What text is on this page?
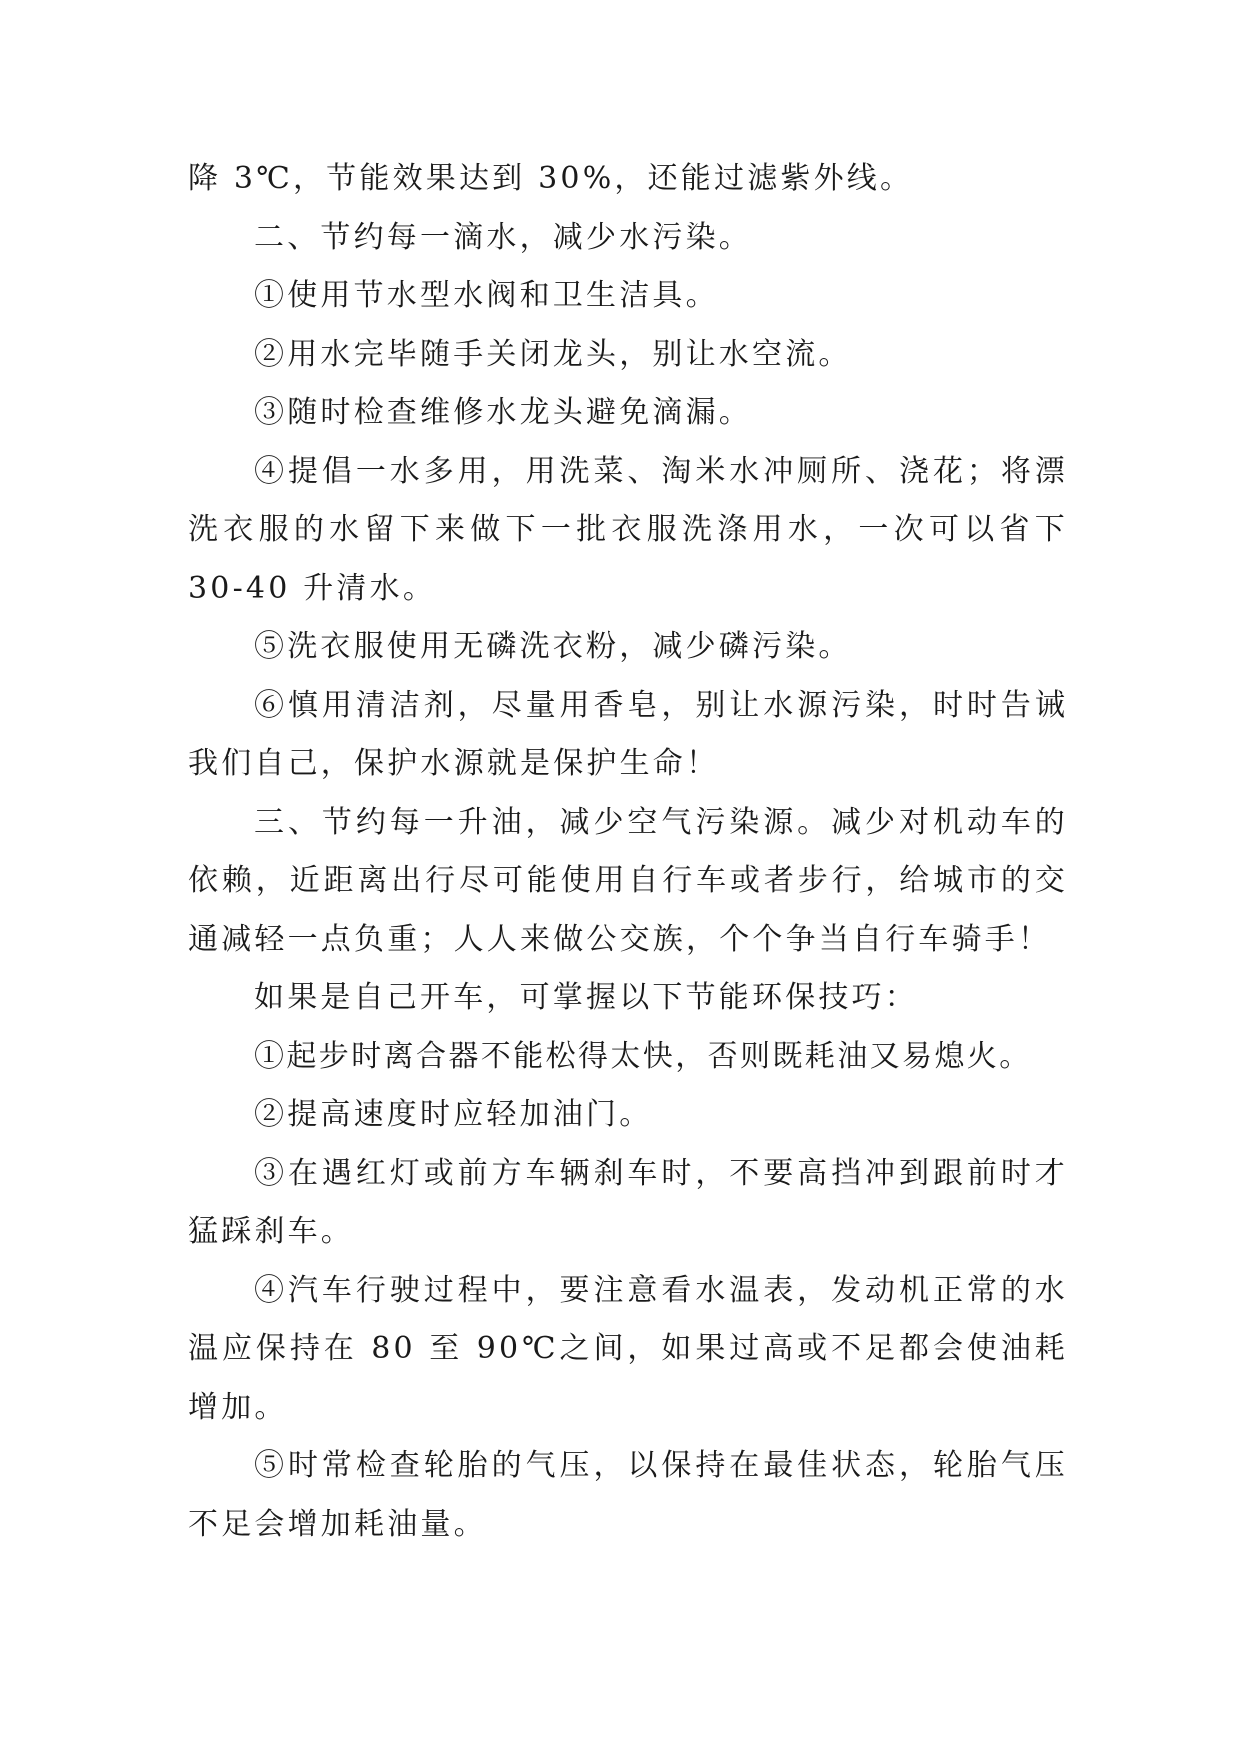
降 3℃，节能效果达到 30%，还能过滤紫外线。

二、节约每一滴水，减少水污染。

①使用节水型水阀和卫生洁具。

②用水完毕随手关闭龙头，别让水空流。

③随时检查维修水龙头避免滴漏。

④提倡一水多用，用洗菜、淘米水冲厕所、浇花；将漂洗衣服的水留下来做下一批衣服洗涤用水，一次可以省下 30-40 升清水。

⑤洗衣服使用无磷洗衣粉，减少磷污染。

⑥慎用清洁剂，尽量用香皂，别让水源污染，时时告诫我们自己，保护水源就是保护生命！

三、节约每一升油，减少空气污染源。减少对机动车的依赖，近距离出行尽可能使用自行车或者步行，给城市的交通减轻一点负重；人人来做公交族，个个争当自行车骑手！

如果是自己开车，可掌握以下节能环保技巧：

①起步时离合器不能松得太快，否则既耗油又易熄火。

②提高速度时应轻加油门。

③在遇红灯或前方车辆刹车时，不要高挡冲到跟前时才猛踩刹车。

④汽车行驶过程中，要注意看水温表，发动机正常的水温应保持在 80 至 90℃之间，如果过高或不足都会使油耗增加。

⑤时常检查轮胎的气压，以保持在最佳状态，轮胎气压不足会增加耗油量。
